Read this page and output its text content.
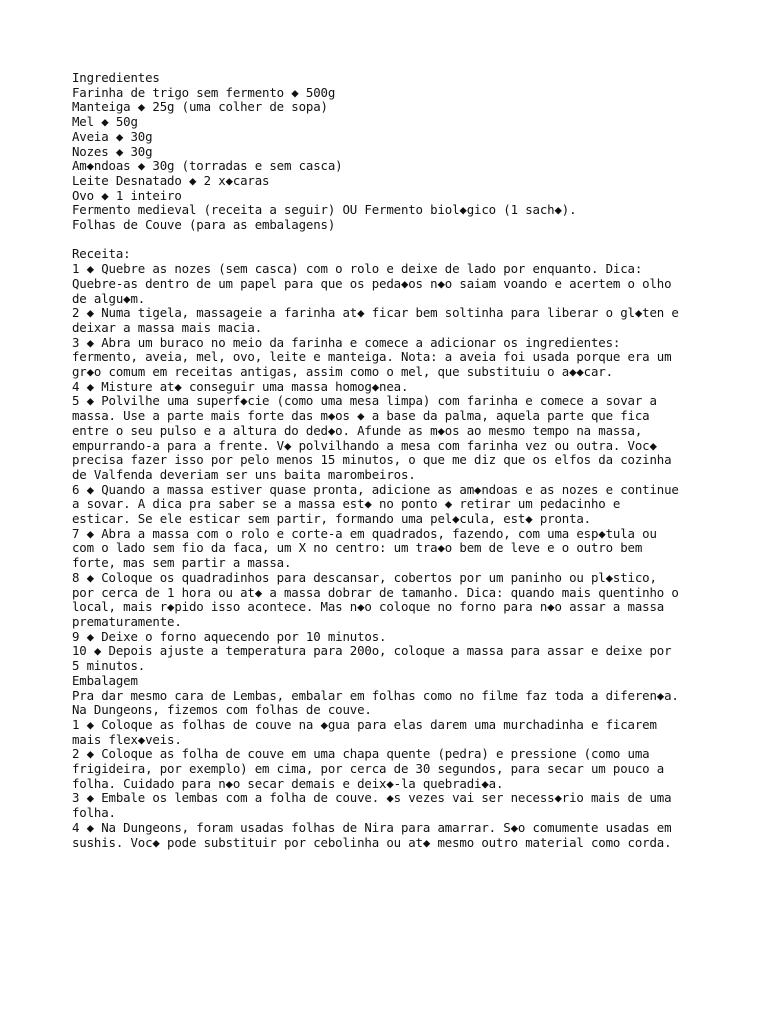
Ingredientes
Farinha de trigo sem fermento ◆ 500g
Manteiga ◆ 25g (uma colher de sopa)
Mel ◆ 50g
Aveia ◆ 30g
Nozes ◆ 30g
Am◆ndoas ◆ 30g (torradas e sem casca)
Leite Desnatado ◆ 2 x◆caras
Ovo ◆ 1 inteiro
Fermento medieval (receita a seguir) OU Fermento biol◆gico (1 sach◆).
Folhas de Couve (para as embalagens)
Receita:
1 ◆ Quebre as nozes (sem casca) com o rolo e deixe de lado por enquanto. Dica:
Quebre-as dentro de um papel para que os peda◆os n◆o saiam voando e acertem o olho
de algu◆m.
2 ◆ Numa tigela, massageie a farinha at◆ ficar bem soltinha para liberar o gl◆ten e
deixar a massa mais macia.
3 ◆ Abra um buraco no meio da farinha e comece a adicionar os ingredientes:
fermento, aveia, mel, ovo, leite e manteiga. Nota: a aveia foi usada porque era um
gr◆o comum em receitas antigas, assim como o mel, que substituiu o a◆◆car.
4 ◆ Misture at◆ conseguir uma massa homog◆nea.
5 ◆ Polvilhe uma superf◆cie (como uma mesa limpa) com farinha e comece a sovar a
massa. Use a parte mais forte das m◆os ◆ a base da palma, aquela parte que fica
entre o seu pulso e a altura do ded◆o. Afunde as m◆os ao mesmo tempo na massa,
empurrando-a para a frente. V◆ polvilhando a mesa com farinha vez ou outra. Voc◆
precisa fazer isso por pelo menos 15 minutos, o que me diz que os elfos da cozinha
de Valfenda deveriam ser uns baita marombeiros.
6 ◆ Quando a massa estiver quase pronta, adicione as am◆ndoas e as nozes e continue
a sovar. A dica pra saber se a massa est◆ no ponto ◆ retirar um pedacinho e
esticar. Se ele esticar sem partir, formando uma pel◆cula, est◆ pronta.
7 ◆ Abra a massa com o rolo e corte-a em quadrados, fazendo, com uma esp◆tula ou
com o lado sem fio da faca, um X no centro: um tra◆o bem de leve e o outro bem
forte, mas sem partir a massa.
8 ◆ Coloque os quadradinhos para descansar, cobertos por um paninho ou pl◆stico,
por cerca de 1 hora ou at◆ a massa dobrar de tamanho. Dica: quando mais quentinho o
local, mais r◆pido isso acontece. Mas n◆o coloque no forno para n◆o assar a massa
prematuramente.
9 ◆ Deixe o forno aquecendo por 10 minutos.
10 ◆ Depois ajuste a temperatura para 200o, coloque a massa para assar e deixe por
5 minutos.
Embalagem
Pra dar mesmo cara de Lembas, embalar em folhas como no filme faz toda a diferen◆a.
Na Dungeons, fizemos com folhas de couve.
1 ◆ Coloque as folhas de couve na ◆gua para elas darem uma murchadinha e ficarem
mais flex◆veis.
2 ◆ Coloque as folha de couve em uma chapa quente (pedra) e pressione (como uma
frigideira, por exemplo) em cima, por cerca de 30 segundos, para secar um pouco a
folha. Cuidado para n◆o secar demais e deix◆-la quebradi◆a.
3 ◆ Embale os lembas com a folha de couve. ◆s vezes vai ser necess◆rio mais de uma
folha.
4 ◆ Na Dungeons, foram usadas folhas de Nira para amarrar. S◆o comumente usadas em
sushis. Voc◆ pode substituir por cebolinha ou at◆ mesmo outro material como corda.
